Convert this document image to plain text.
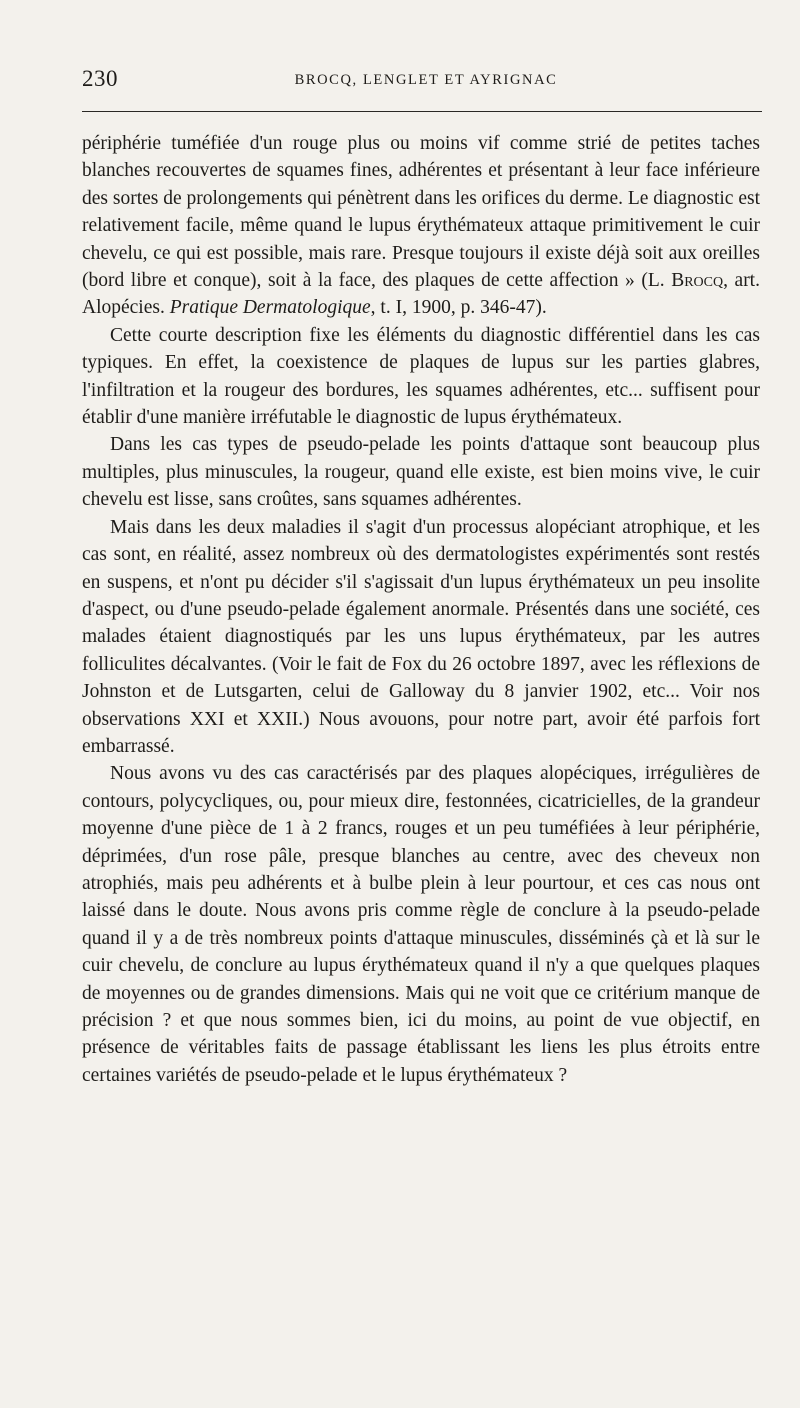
230	BROCQ, LENGLET ET AYRIGNAC

périphérie tuméfiée d'un rouge plus ou moins vif comme strié de petites taches blanches recouvertes de squames fines, adhérentes et présentant à leur face inférieure des sortes de prolongements qui pénètrent dans les orifices du derme. Le diagnostic est relativement facile, même quand le lupus érythémateux attaque primitivement le cuir chevelu, ce qui est possible, mais rare. Presque toujours il existe déjà soit aux oreilles (bord libre et conque), soit à la face, des plaques de cette affection » (L. Brocq, art. Alopécies. Pratique Dermatologique, t. I, 1900, p. 346-47).

Cette courte description fixe les éléments du diagnostic différentiel dans les cas typiques. En effet, la coexistence de plaques de lupus sur les parties glabres, l'infiltration et la rougeur des bordures, les squames adhérentes, etc... suffisent pour établir d'une manière irréfutable le diagnostic de lupus érythémateux.

Dans les cas types de pseudo-pelade les points d'attaque sont beaucoup plus multiples, plus minuscules, la rougeur, quand elle existe, est bien moins vive, le cuir chevelu est lisse, sans croûtes, sans squames adhérentes.

Mais dans les deux maladies il s'agit d'un processus alopéciant atrophique, et les cas sont, en réalité, assez nombreux où des dermatologistes expérimentés sont restés en suspens, et n'ont pu décider s'il s'agissait d'un lupus érythémateux un peu insolite d'aspect, ou d'une pseudo-pelade également anormale. Présentés dans une société, ces malades étaient diagnostiqués par les uns lupus érythémateux, par les autres folliculites décalvantes. (Voir le fait de Fox du 26 octobre 1897, avec les réflexions de Johnston et de Lutsgarten, celui de Galloway du 8 janvier 1902, etc... Voir nos observations XXI et XXII.) Nous avouons, pour notre part, avoir été parfois fort embarrassé.

Nous avons vu des cas caractérisés par des plaques alopéciques, irrégulières de contours, polycycliques, ou, pour mieux dire, festonnées, cicatricielles, de la grandeur moyenne d'une pièce de 1 à 2 francs, rouges et un peu tuméfiées à leur périphérie, déprimées, d'un rose pâle, presque blanches au centre, avec des cheveux non atrophiés, mais peu adhérents et à bulbe plein à leur pourtour, et ces cas nous ont laissé dans le doute. Nous avons pris comme règle de conclure à la pseudo-pelade quand il y a de très nombreux points d'attaque minuscules, disséminés çà et là sur le cuir chevelu, de conclure au lupus érythémateux quand il n'y a que quelques plaques de moyennes ou de grandes dimensions. Mais qui ne voit que ce critérium manque de précision ? et que nous sommes bien, ici du moins, au point de vue objectif, en présence de véritables faits de passage établissant les liens les plus étroits entre certaines variétés de pseudo-pelade et le lupus érythémateux ?
